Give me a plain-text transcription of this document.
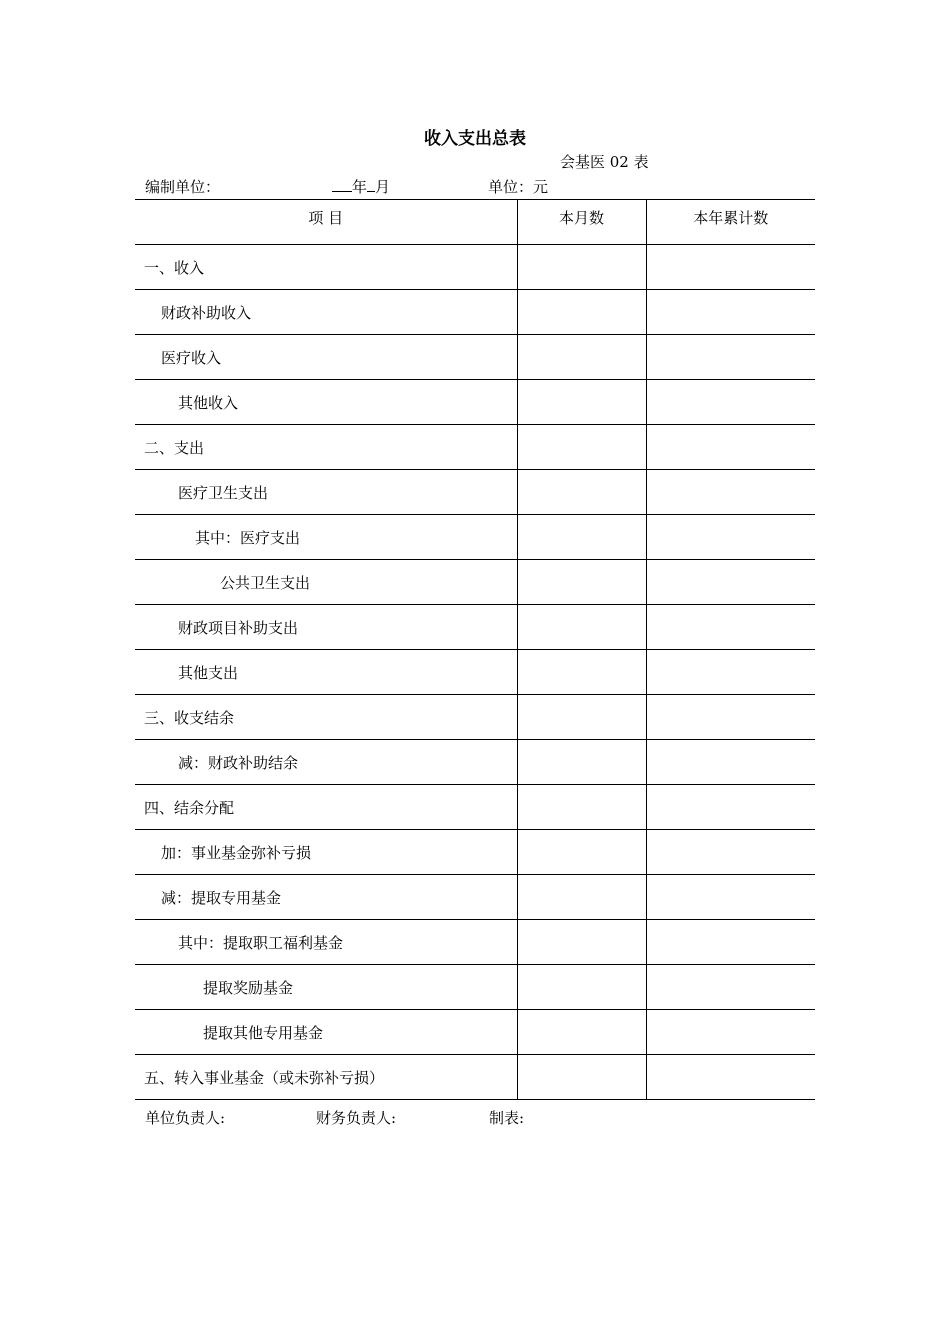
收入支出总表
会基医 02 表
编制单位：	年 月	单位：元
项 目	本月数	本年累计数
一、收入		
财政补助收入		
医疗收入		
其他收入		
二、支出		
医疗卫生支出		
其中：医疗支出		
公共卫生支出		
财政项目补助支出		
其他支出		
三、收支结余		
减：财政补助结余		
四、结余分配		
加：事业基金弥补亏损		
减：提取专用基金		
其中：提取职工福利基金		
提取奖励基金		
提取其他专用基金		
五、转入事业基金（或未弥补亏损）		
单位负责人:	财务负责人:	制表:
